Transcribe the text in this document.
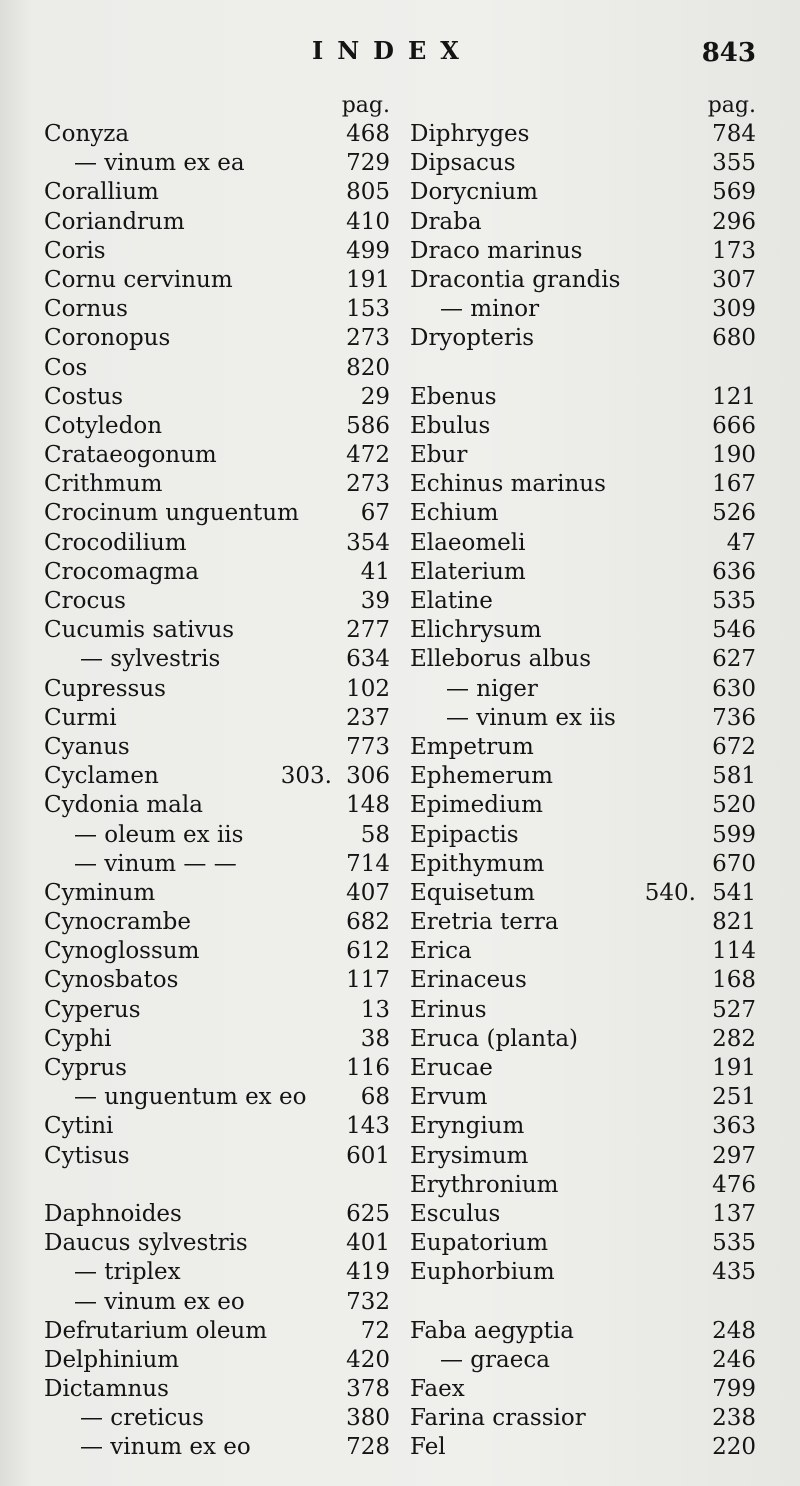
INDEX	843
pag.
Conyza	468
— vinum ex ea	729
Corallium	805
Coriandrum	410
Coris	499
Cornu cervinum	191
Cornus	153
Coronopus	273
Cos	820
Costus	29
Cotyledon	586
Crataeogonum	472
Crithmum	273
Crocinum unguentum	67
Crocodilium	354
Crocomagma	41
Crocus	39
Cucumis sativus	277
— sylvestris	634
Cupressus	102
Curmi	237
Cyanus	773
Cyclamen	303. 306
Cydonia mala	148
— oleum ex iis	58
— vinum — —	714
Cyminum	407
Cynocrambe	682
Cynoglossum	612
Cynosbatos	117
Cyperus	13
Cyphi	38
Cyprus	116
— unguentum ex eo 68
Cytini	143
Cytisus	601
Daphnoides	625
Daucus sylvestris	401
— triplex	419
— vinum ex eo	732
Defrutarium oleum	72
Delphinium	420
Dictamnus	378
— creticus	380
— vinum ex eo	728
pag.
Diphryges	784
Dipsacus	355
Dorycnium	569
Draba	296
Draco marinus	173
Dracontia grandis	307
— minor	309
Dryopteris	680
Ebenus	121
Ebulus	666
Ebur	190
Echinus marinus	167
Echium	526
Elaeomeli	47
Elaterium	636
Elatine	535
Elichrysum	546
Elleborus albus	627
— niger	630
— vinum ex iis	736
Empetrum	672
Ephemerum	581
Epimedium	520
Epipactis	599
Epithymum	670
Equisetum	540. 541
Eretria terra	821
Erica	114
Erinaceus	168
Erinus	527
Eruca (planta)	282
Erucae	191
Ervum	251
Eryngium	363
Erysimum	297
Erythronium	476
Esculus	137
Eupatorium	535
Euphorbium	435
Faba aegyptia	248
— graeca	246
Faex	799
Farina crassior	238
Fel	220
